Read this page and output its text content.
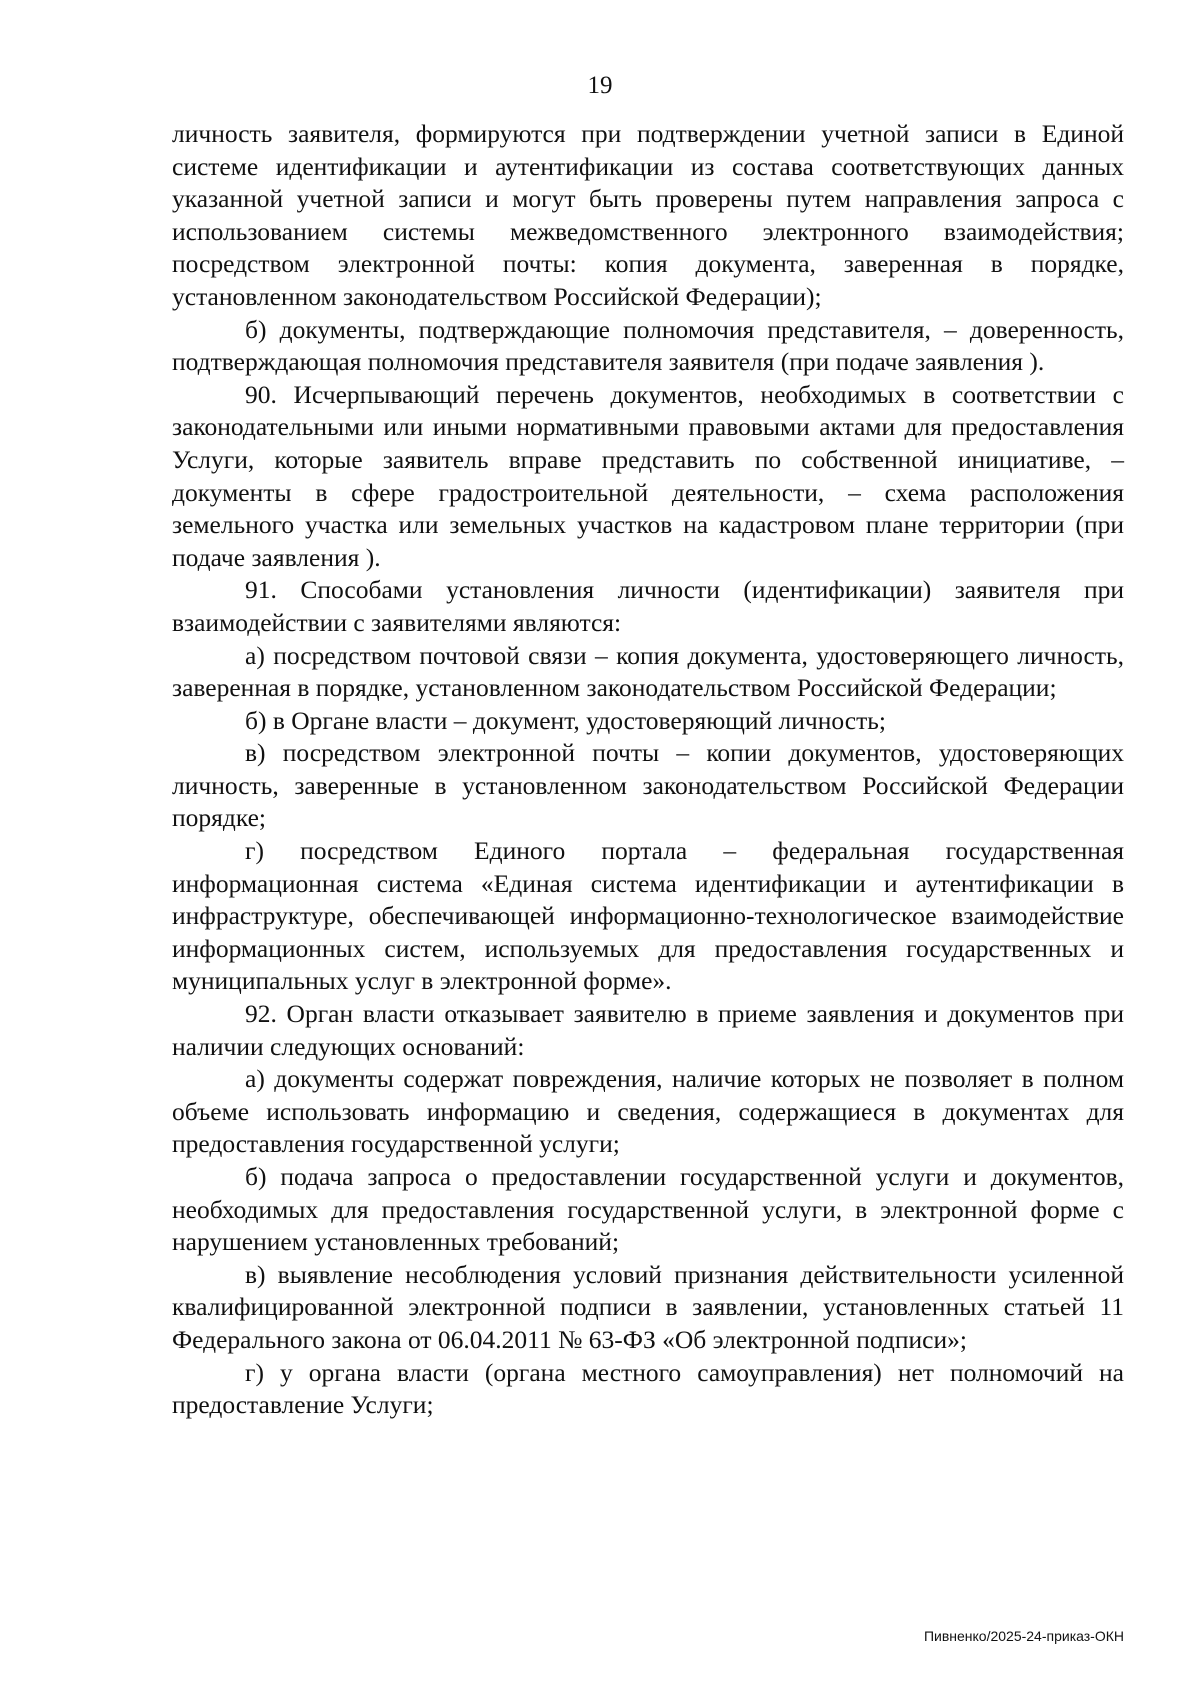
19

личность заявителя, формируются при подтверждении учетной записи в Единой системе идентификации и аутентификации из состава соответствующих данных указанной учетной записи и могут быть проверены путем направления запроса с использованием системы межведомственного электронного взаимодействия; посредством электронной почты: копия документа, заверенная в порядке, установленном законодательством Российской Федерации);

б) документы, подтверждающие полномочия представителя, – доверенность, подтверждающая полномочия представителя заявителя (при подаче заявления ).

90. Исчерпывающий перечень документов, необходимых в соответствии с законодательными или иными нормативными правовыми актами для предоставления Услуги, которые заявитель вправе представить по собственной инициативе, – документы в сфере градостроительной деятельности, – схема расположения земельного участка или земельных участков на кадастровом плане территории (при подаче заявления ).

91. Способами установления личности (идентификации) заявителя при взаимодействии с заявителями являются:

а) посредством почтовой связи – копия документа, удостоверяющего личность, заверенная в порядке, установленном законодательством Российской Федерации;

б) в Органе власти – документ, удостоверяющий личность;

в) посредством электронной почты – копии документов, удостоверяющих личность, заверенные в установленном законодательством Российской Федерации порядке;

г) посредством Единого портала – федеральная государственная информационная система «Единая система идентификации и аутентификации в инфраструктуре, обеспечивающей информационно-технологическое взаимодействие информационных систем, используемых для предоставления государственных и муниципальных услуг в электронной форме».

92. Орган власти отказывает заявителю в приеме заявления и документов при наличии следующих оснований:

а) документы содержат повреждения, наличие которых не позволяет в полном объеме использовать информацию и сведения, содержащиеся в документах для предоставления государственной услуги;

б) подача запроса о предоставлении государственной услуги и документов, необходимых для предоставления государственной услуги, в электронной форме с нарушением установленных требований;

в) выявление несоблюдения условий признания действительности усиленной квалифицированной электронной подписи в заявлении, установленных статьей 11 Федерального закона от 06.04.2011 № 63-ФЗ «Об электронной подписи»;

г) у органа власти (органа местного самоуправления) нет полномочий на предоставление Услуги;

Пивненко/2025-24-приказ-ОКН
